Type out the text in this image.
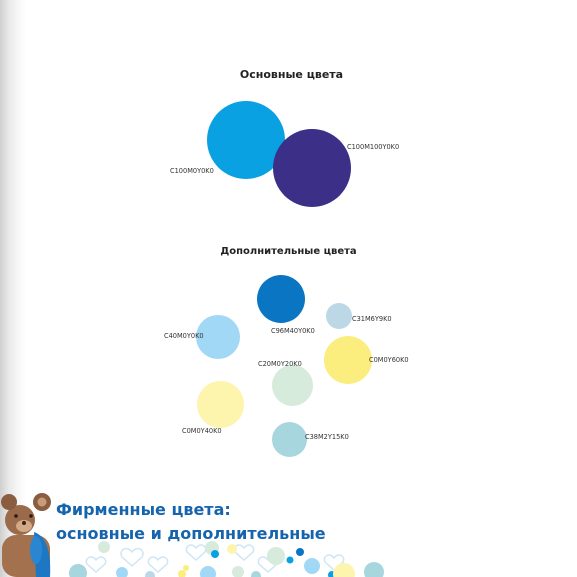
Основные цвета
C100M0Y0K0
C100M100Y0K0
Дополнительные цвета
C96M40Y0K0
C31M6Y9K0
C40M0Y0K0
C0M0Y60K0
C20M0Y20K0
C0M0Y40K0
C38M2Y15K0
Фирменные цвета:
основные и дополнительные
